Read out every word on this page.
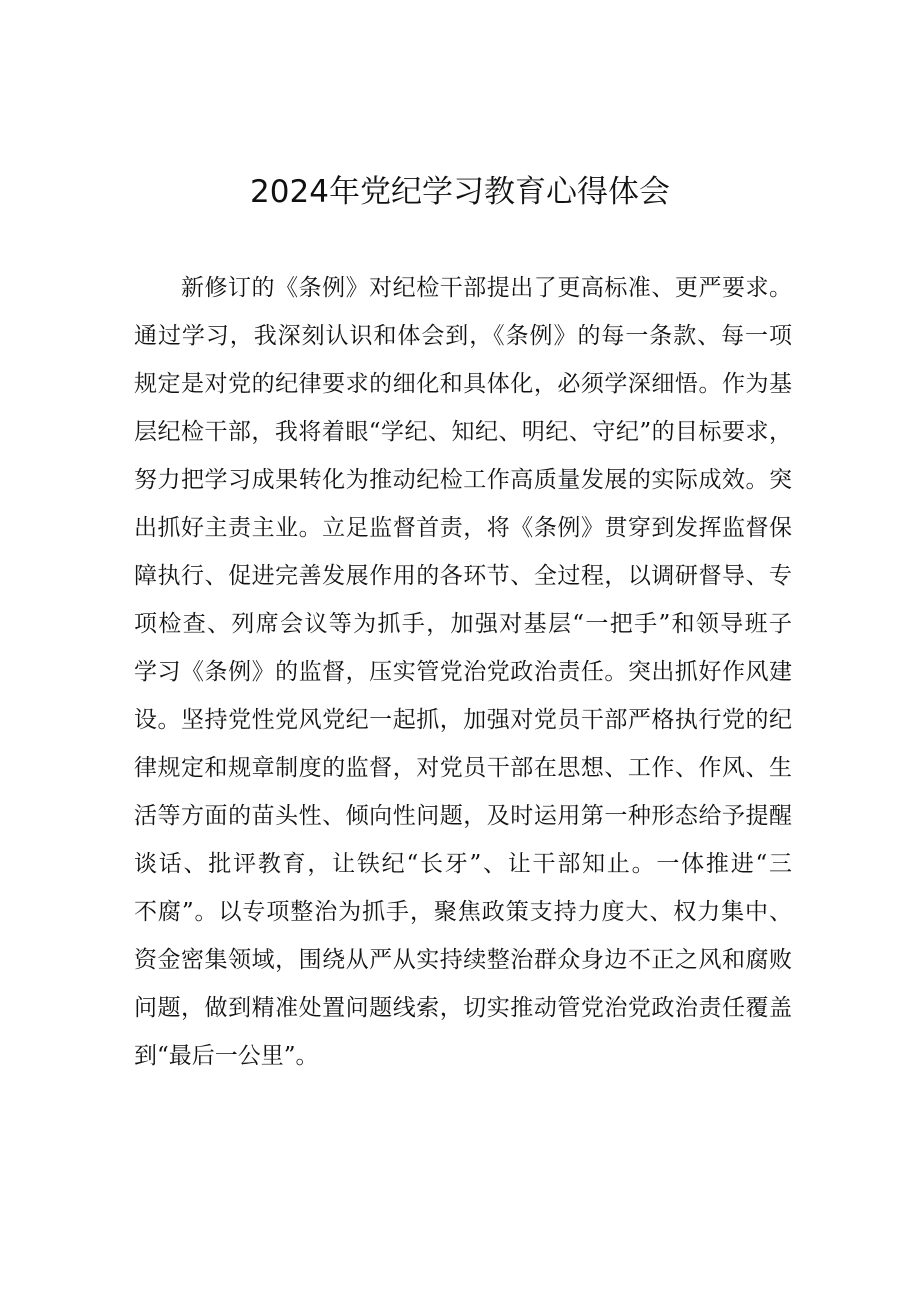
2024年党纪学习教育心得体会
新修订的《条例》对纪检干部提出了更高标准、更严要求。
通过学习，我深刻认识和体会到，《条例》的每一条款、每一项
规定是对党的纪律要求的细化和具体化，必须学深细悟。作为基
层纪检干部，我将着眼“学纪、知纪、明纪、守纪”的目标要求，
努力把学习成果转化为推动纪检工作高质量发展的实际成效。突
出抓好主责主业。立足监督首责，将《条例》贯穿到发挥监督保
障执行、促进完善发展作用的各环节、全过程，以调研督导、专
项检查、列席会议等为抓手，加强对基层“一把手”和领导班子
学习《条例》的监督，压实管党治党政治责任。突出抓好作风建
设。坚持党性党风党纪一起抓，加强对党员干部严格执行党的纪
律规定和规章制度的监督，对党员干部在思想、工作、作风、生
活等方面的苗头性、倾向性问题，及时运用第一种形态给予提醒
谈话、批评教育，让铁纪“长牙”、让干部知止。一体推进“三
不腐”。以专项整治为抓手，聚焦政策支持力度大、权力集中、
资金密集领域，围绕从严从实持续整治群众身边不正之风和腐败
问题，做到精准处置问题线索，切实推动管党治党政治责任覆盖
到“最后一公里”。
